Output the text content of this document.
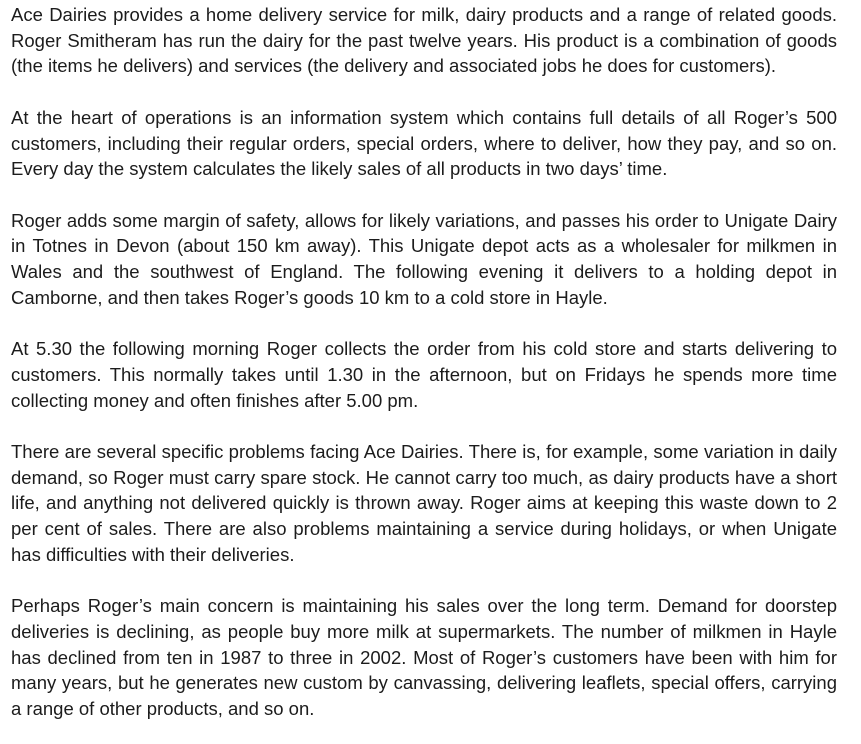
Ace Dairies provides a home delivery service for milk, dairy products and a range of related goods. Roger Smitheram has run the dairy for the past twelve years. His product is a combination of goods (the items he delivers) and services (the delivery and associated jobs he does for customers).

At the heart of operations is an information system which contains full details of all Roger’s 500 customers, including their regular orders, special orders, where to deliver, how they pay, and so on. Every day the system calculates the likely sales of all products in two days’ time.

Roger adds some margin of safety, allows for likely variations, and passes his order to Unigate Dairy in Totnes in Devon (about 150 km away). This Unigate depot acts as a wholesaler for milkmen in Wales and the southwest of England. The following evening it delivers to a holding depot in Camborne, and then takes Roger’s goods 10 km to a cold store in Hayle.

At 5.30 the following morning Roger collects the order from his cold store and starts delivering to customers. This normally takes until 1.30 in the afternoon, but on Fridays he spends more time collecting money and often finishes after 5.00 pm.

There are several specific problems facing Ace Dairies. There is, for example, some variation in daily demand, so Roger must carry spare stock. He cannot carry too much, as dairy products have a short life, and anything not delivered quickly is thrown away. Roger aims at keeping this waste down to 2 per cent of sales. There are also problems maintaining a service during holidays, or when Unigate has difficulties with their deliveries.

Perhaps Roger’s main concern is maintaining his sales over the long term. Demand for doorstep deliveries is declining, as people buy more milk at supermarkets. The number of milkmen in Hayle has declined from ten in 1987 to three in 2002. Most of Roger’s customers have been with him for many years, but he generates new custom by canvassing, delivering leaflets, special offers, carrying a range of other products, and so on.
